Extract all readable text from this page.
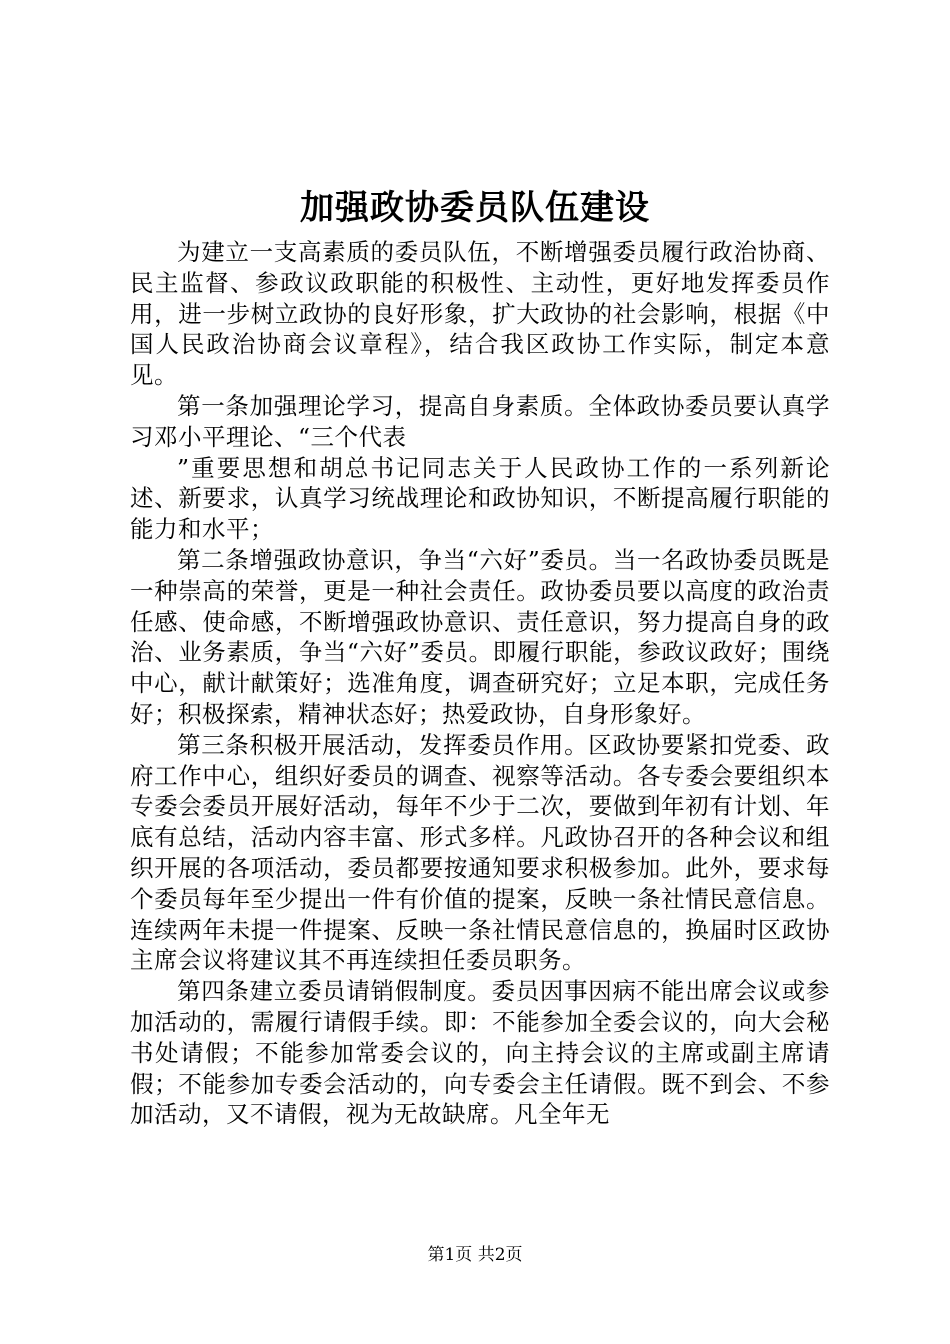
加强政协委员队伍建设

为建立一支高素质的委员队伍，不断增强委员履行政治协商、民主监督、参政议政职能的积极性、主动性，更好地发挥委员作用，进一步树立政协的良好形象，扩大政协的社会影响，根据《中国人民政治协商会议章程》，结合我区政协工作实际，制定本意见。

第一条加强理论学习，提高自身素质。全体政协委员要认真学习邓小平理论、“三个代表

”重要思想和胡总书记同志关于人民政协工作的一系列新论述、新要求，认真学习统战理论和政协知识，不断提高履行职能的能力和水平；

第二条增强政协意识，争当“六好”委员。当一名政协委员既是一种崇高的荣誉，更是一种社会责任。政协委员要以高度的政治责任感、使命感，不断增强政协意识、责任意识，努力提高自身的政治、业务素质，争当“六好”委员。即履行职能，参政议政好；围绕中心，献计献策好；选准角度，调查研究好；立足本职，完成任务好；积极探索，精神状态好；热爱政协，自身形象好。

第三条积极开展活动，发挥委员作用。区政协要紧扣党委、政府工作中心，组织好委员的调查、视察等活动。各专委会要组织本专委会委员开展好活动，每年不少于二次，要做到年初有计划、年底有总结，活动内容丰富、形式多样。凡政协召开的各种会议和组织开展的各项活动，委员都要按通知要求积极参加。此外，要求每个委员每年至少提出一件有价值的提案，反映一条社情民意信息。连续两年未提一件提案、反映一条社情民意信息的，换届时区政协主席会议将建议其不再连续担任委员职务。

第四条建立委员请销假制度。委员因事因病不能出席会议或参加活动的，需履行请假手续。即：不能参加全委会议的，向大会秘书处请假；不能参加常委会议的，向主持会议的主席或副主席请假；不能参加专委会活动的，向专委会主任请假。既不到会、不参加活动，又不请假，视为无故缺席。凡全年无

第1页 共2页
